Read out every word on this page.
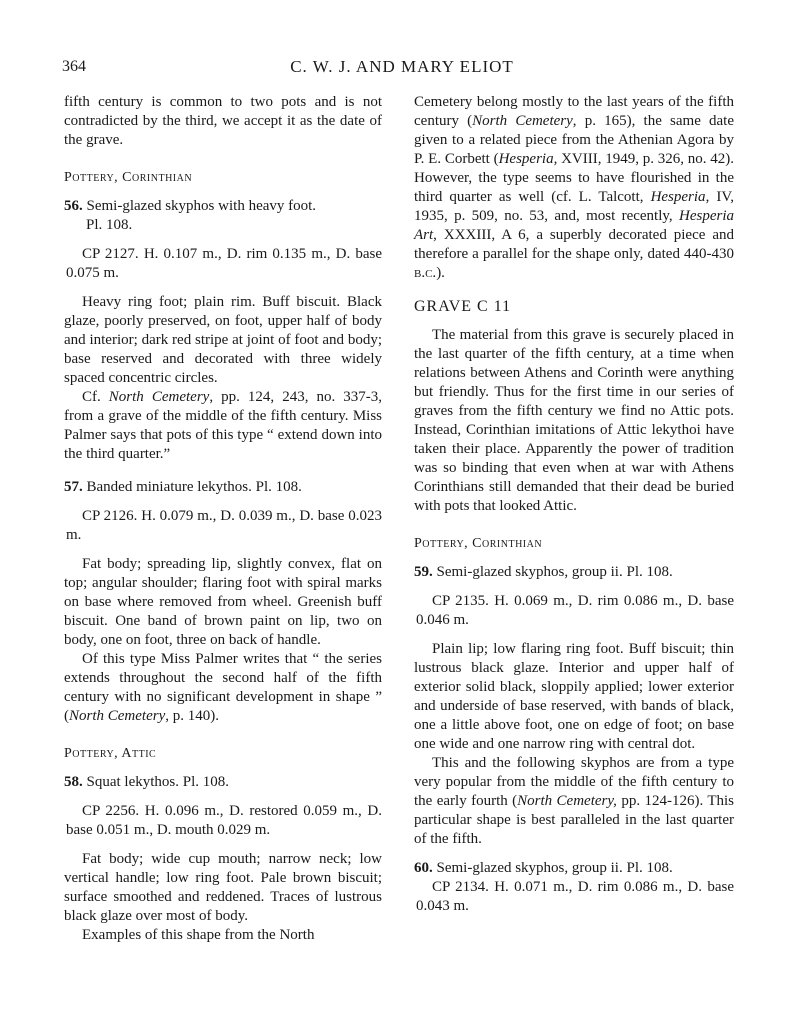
364	C. W. J. AND MARY ELIOT

fifth century is common to two pots and is not contradicted by the third, we accept it as the date of the grave.

Pottery, Corinthian

56. Semi-glazed skyphos with heavy foot.
Pl. 108.

CP 2127. H. 0.107 m., D. rim 0.135 m., D. base 0.075 m.

Heavy ring foot; plain rim. Buff biscuit. Black glaze, poorly preserved, on foot, upper half of body and interior; dark red stripe at joint of foot and body; base reserved and decorated with three widely spaced concentric circles.

Cf. North Cemetery, pp. 124, 243, no. 337-3, from a grave of the middle of the fifth century. Miss Palmer says that pots of this type “ extend down into the third quarter.”

57. Banded miniature lekythos. Pl. 108.

CP 2126. H. 0.079 m., D. 0.039 m., D. base 0.023 m.

Fat body; spreading lip, slightly convex, flat on top; angular shoulder; flaring foot with spiral marks on base where removed from wheel. Greenish buff biscuit. One band of brown paint on lip, two on body, one on foot, three on back of handle.

Of this type Miss Palmer writes that “ the series extends throughout the second half of the fifth century with no significant development in shape ” (North Cemetery, p. 140).

Pottery, Attic

58. Squat lekythos. Pl. 108.

CP 2256. H. 0.096 m., D. restored 0.059 m., D. base 0.051 m., D. mouth 0.029 m.

Fat body; wide cup mouth; narrow neck; low vertical handle; low ring foot. Pale brown biscuit; surface smoothed and reddened. Traces of lustrous black glaze over most of body.

Examples of this shape from the North

Cemetery belong mostly to the last years of the fifth century (North Cemetery, p. 165), the same date given to a related piece from the Athenian Agora by P. E. Corbett (Hesperia, XVIII, 1949, p. 326, no. 42). However, the type seems to have flourished in the third quarter as well (cf. L. Talcott, Hesperia, IV, 1935, p. 509, no. 53, and, most recently, Hesperia Art, XXXIII, A 6, a superbly decorated piece and therefore a parallel for the shape only, dated 440-430 b.c.).

GRAVE C 11

The material from this grave is securely placed in the last quarter of the fifth century, at a time when relations between Athens and Corinth were anything but friendly. Thus for the first time in our series of graves from the fifth century we find no Attic pots. Instead, Corinthian imitations of Attic lekythoi have taken their place. Apparently the power of tradition was so binding that even when at war with Athens Corinthians still demanded that their dead be buried with pots that looked Attic.

Pottery, Corinthian

59. Semi-glazed skyphos, group ii. Pl. 108.

CP 2135. H. 0.069 m., D. rim 0.086 m., D. base 0.046 m.

Plain lip; low flaring ring foot. Buff biscuit; thin lustrous black glaze. Interior and upper half of exterior solid black, sloppily applied; lower exterior and underside of base reserved, with bands of black, one a little above foot, one on edge of foot; on base one wide and one narrow ring with central dot.

This and the following skyphos are from a type very popular from the middle of the fifth century to the early fourth (North Cemetery, pp. 124-126). This particular shape is best paralleled in the last quarter of the fifth.

60. Semi-glazed skyphos, group ii. Pl. 108.

CP 2134. H. 0.071 m., D. rim 0.086 m., D. base 0.043 m.
